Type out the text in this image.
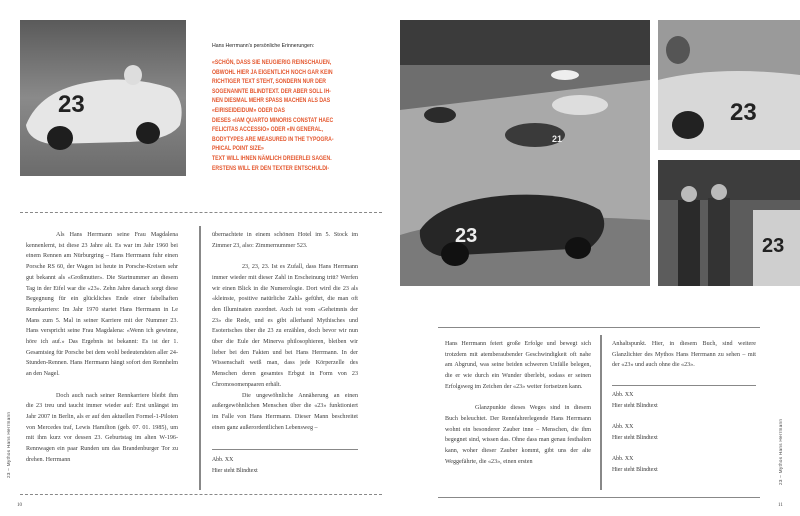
23
Hans Herrmann's persönliche Erinnerungen:
«SCHÖN, DASS SIE NEUGIERIG REINSCHAUEN,
OBWOHL HIER JA EIGENTLICH NOCH GAR KEIN
RICHTIGER TEXT STEHT, SONDERN NUR DER
SOGENANNTE BLINDTEXT. DER ABER SOLL IH-
NEN DIESMAL MEHR SPASS MACHEN ALS DAS
«EIRISEIDEIDUM» ODER DAS
DIESES «IAM QUARTO MINORIS CONSTAT HAEC
FELICITAS ACCESSIO» ODER «IN GENERAL,
BODYTYPES ARE MEASURED IN THE TYPOGRA-
PHICAL POINT SIZE»
TEXT WILL IHNEN NÄMLICH DREIERLEI SAGEN.
ERSTENS WILL ER DEN TEXTER ENTSCHULDI-

Als Hans Herrmann seine Frau Magdalena kennenlernt, ist diese 23 Jahre alt. Es war im Jahr 1960 bei einem Rennen am Nürburgring – Hans Herrmann fuhr einen Porsche RS 60, der Wagen ist heute in Porsche-Kreisen sehr gut bekannt als «Großmutter». Die Startnummer an diesem Tag in der Eifel war die «23». Zehn Jahre danach sorgt diese Begegnung für ein glückliches Ende einer fabelhaften Rennkarriere: Im Jahr 1970 startet Hans Herrmann in Le Mans zum 5. Mal in seiner Karriere mit der Nummer 23. Hans verspricht seine Frau Magdalena: «Wenn ich gewinne, höre ich auf.» Das Ergebnis ist bekannt: Es ist der 1. Gesamtsieg für Porsche bei dem wohl bedeutendsten aller 24-Stunden-Rennen. Hans Herrmann hängt sofort den Rennhelm an den Nagel.

Doch auch nach seiner Rennkarriere bleibt ihm die 23 treu und taucht immer wieder auf: Erst unlängst im Jahr 2007 in Berlin, als er auf den aktuellen Formel-1-Piloten von Mercedes traf, Lewis Hamilton (geb. 07. 01. 1985), um mit ihm kurz vor dessen 23. Geburtstag im alten W-196-Rennwagen ein paar Runden um das Brandenburger Tor zu drehen. Herrmann

übernachtete in einem schönen Hotel im 5. Stock im Zimmer 23, also: Zimmernummer 523.

23, 23, 23. Ist es Zufall, dass Hans Herrmann immer wieder mit dieser Zahl in Erscheinung tritt? Werfen wir einen Blick in die Numerologie. Dort wird die 23 als «kleinste, positive natürliche Zahl» geführt, die man oft den Illuminaten zuordnet. Auch ist vom «Geheimnis der 23» die Rede, und es gibt allerhand Mythisches und Esoterisches über die 23 zu erzählen, doch bevor wir nun über die Eule der Minerva philosophieren, bleiben wir lieber bei den Fakten und bei Hans Herrmann. In der Wissenschaft weiß man, dass jede Körperzelle des Menschen deren gesamtes Erbgut in Form von 23 Chromosomenpaaren erhält.

Die ungewöhnliche Annäherung an einen außergewöhnlichen Menschen über die «23» funktioniert im Falle von Hans Herrmann. Dieser Mann beschreitet einen ganz außerordentlichen Lebensweg –

Abb. XX
Hier steht Blindtext
23 – Mythos Hans Herrmann
10
23
21
23
23

Hans Herrmann feiert große Erfolge und bewegt sich trotzdem mit atemberaubender Geschwindigkeit oft nahe am Abgrund, was seine beiden schweren Unfälle belegen, die er wie durch ein Wunder überlebt, sodass er seinen Erfolgsweg im Zeichen der «23» weiter fortsetzen kann.

Glanzpunkte dieses Weges sind in diesem Buch beleuchtet. Der Rennfahrerlegende Hans Herrmann wohnt ein besonderer Zauber inne – Menschen, die ihm begegnet sind, wissen das. Ohne dass man genau festhalten kann, woher dieser Zauber kommt, gibt uns der alte Weggefährte, die «23», einen ersten

Anhaltspunkt. Hier, in diesem Buch, sind weitere Glanzlichter des Mythos Hans Herrmann zu sehen – mit der «23» und auch ohne die «23».

Abb. XX
Hier steht Blindtext
Abb. XX
Hier steht Blindtext
Abb. XX
Hier steht Blindtext	23 – Mythos Hans Herrmann
11
